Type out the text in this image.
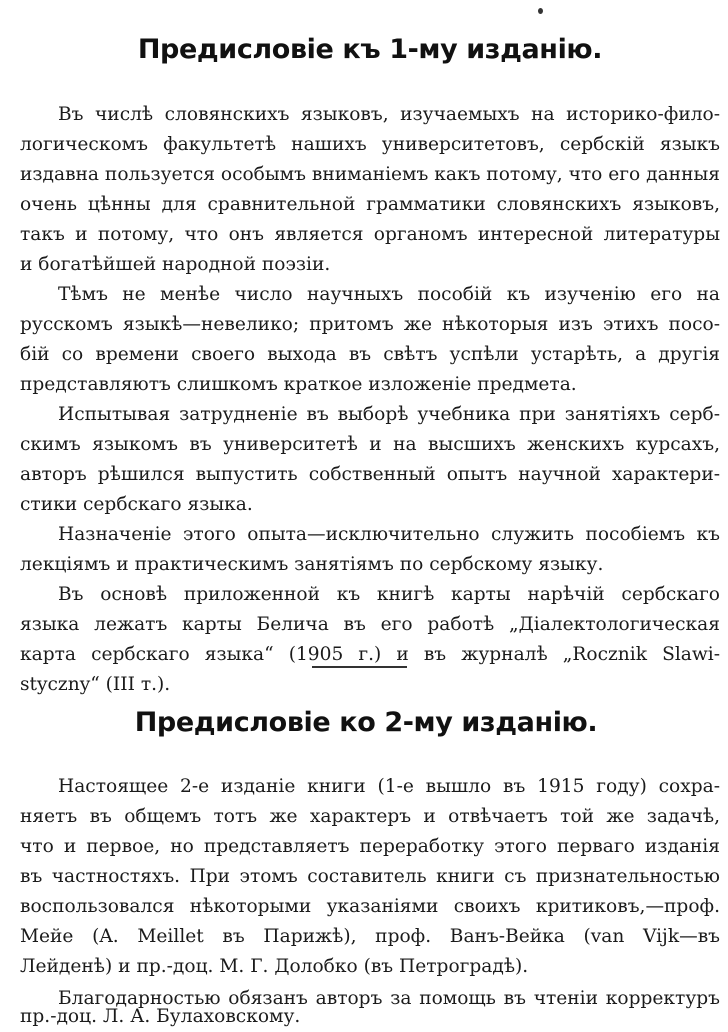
Предисловіе къ 1-му изданію.
Въ числѣ словянскихъ языковъ, изучаемыхъ на историко-фило-
логическомъ факультетѣ нашихъ университетовъ, сербскій языкъ
издавна пользуется особымъ вниманіемъ какъ потому, что его данныя
очень цѣнны для сравнительной грамматики словянскихъ языковъ,
такъ и потому, что онъ является органомъ интересной литературы
и богатѣйшей народной поэзіи.
Тѣмъ не менѣе число научныхъ пособій къ изученію его на
русскомъ языкѣ—невелико; притомъ же нѣкоторыя изъ этихъ посо-
бій со времени своего выхода въ свѣтъ успѣли устарѣть, а другія
представляютъ слишкомъ краткое изложеніе предмета.
Испытывая затрудненіе въ выборѣ учебника при занятіяхъ серб-
скимъ языкомъ въ университетѣ и на высшихъ женскихъ курсахъ,
авторъ рѣшился выпустить собственный опытъ научной характери-
стики сербскаго языка.
Назначеніе этого опыта—исключительно служить пособіемъ къ
лекціямъ и практическимъ занятіямъ по сербскому языку.
Въ основѣ приложенной къ книгѣ карты нарѣчій сербскаго
языка лежатъ карты Белича въ его работѣ „Діалектологическая
карта сербскаго языка“ (1905 г.) и въ журналѣ „Rocznik Slawi-
styczny“ (III т.).
Предисловіе ко 2-му изданію.
Настоящее 2-е изданіе книги (1-е вышло въ 1915 году) сохра-
няетъ въ общемъ тотъ же характеръ и отвѣчаетъ той же задачѣ,
что и первое, но представляетъ переработку этого перваго изданія
въ частностяхъ. При этомъ составитель книги съ признательностью
воспользовался нѣкоторыми указаніями своихъ критиковъ,—проф.
Мейе (A. Meillet въ Парижѣ), проф. Ванъ-Вейка (van Vijk—въ
Лейденѣ) и пр.-доц. М. Г. Долобко (въ Петроградѣ).
Благодарностью обязанъ авторъ за помощь въ чтеніи корректуръ
пр.-доц. Л. А. Булаховскому.
